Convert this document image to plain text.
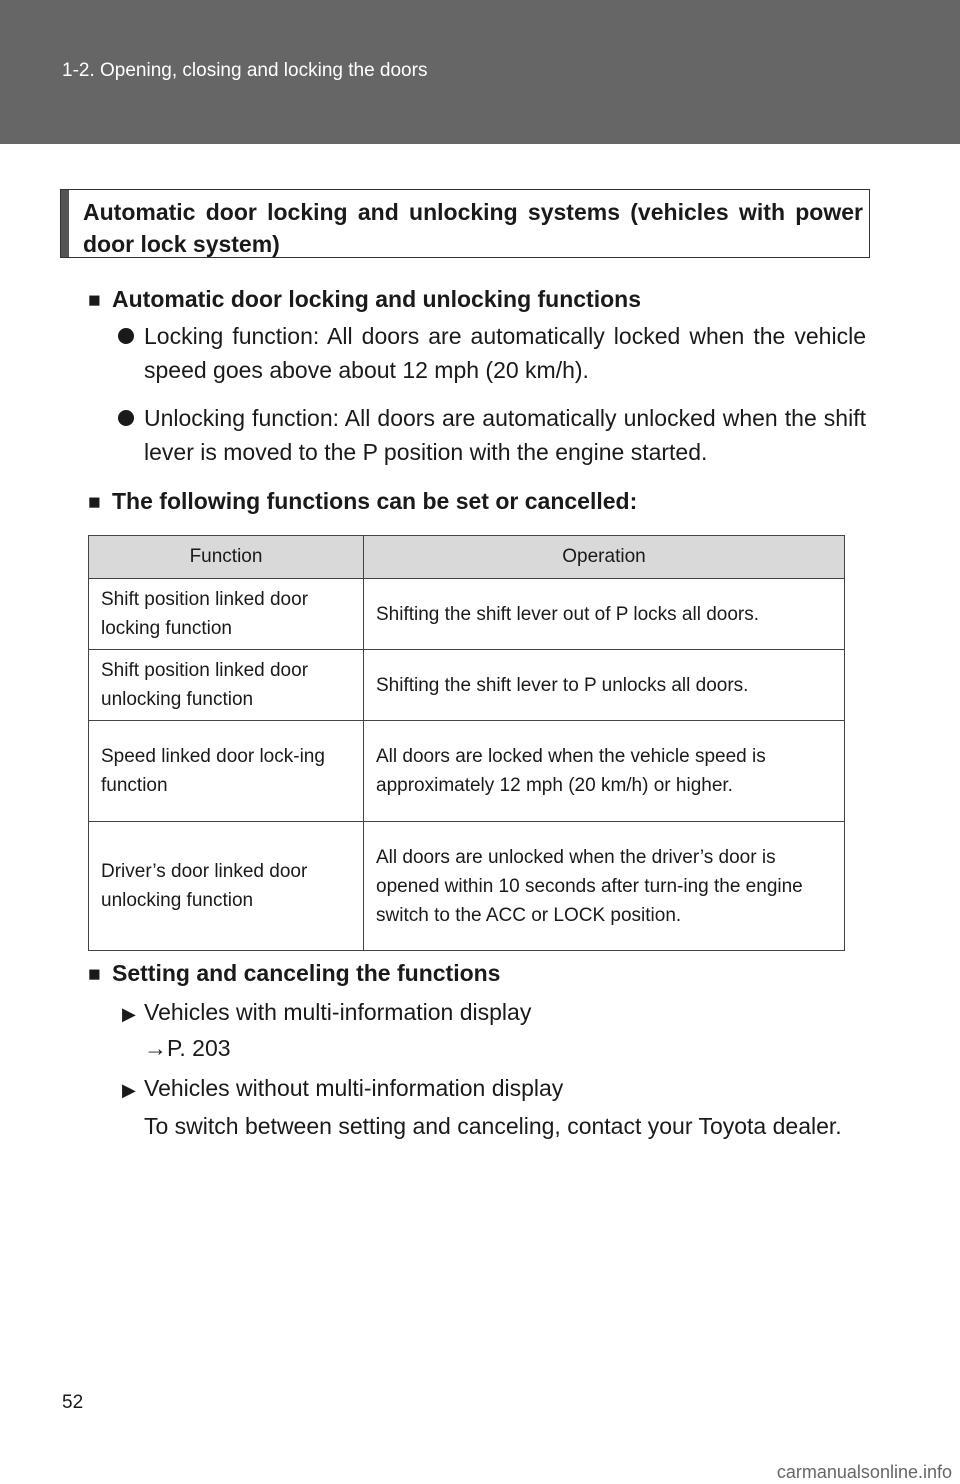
1-2. Opening, closing and locking the doors
Automatic door locking and unlocking systems (vehicles with power door lock system)
■ Automatic door locking and unlocking functions
Locking function: All doors are automatically locked when the vehicle speed goes above about 12 mph (20 km/h).
Unlocking function: All doors are automatically unlocked when the shift lever is moved to the P position with the engine started.
■ The following functions can be set or cancelled:
Function	Operation
Shift position linked door locking function	Shifting the shift lever out of P locks all doors.
Shift position linked door unlocking function	Shifting the shift lever to P unlocks all doors.
Speed linked door lock-ing function	All doors are locked when the vehicle speed is approximately 12 mph (20 km/h) or higher.
Driver’s door linked door unlocking function	All doors are unlocked when the driver’s door is opened within 10 seconds after turn-ing the engine switch to the ACC or LOCK position.
■ Setting and canceling the functions
▶ Vehicles with multi-information display
→P. 203
▶ Vehicles without multi-information display
To switch between setting and canceling, contact your Toyota dealer.
52
carmanualsonline.info
